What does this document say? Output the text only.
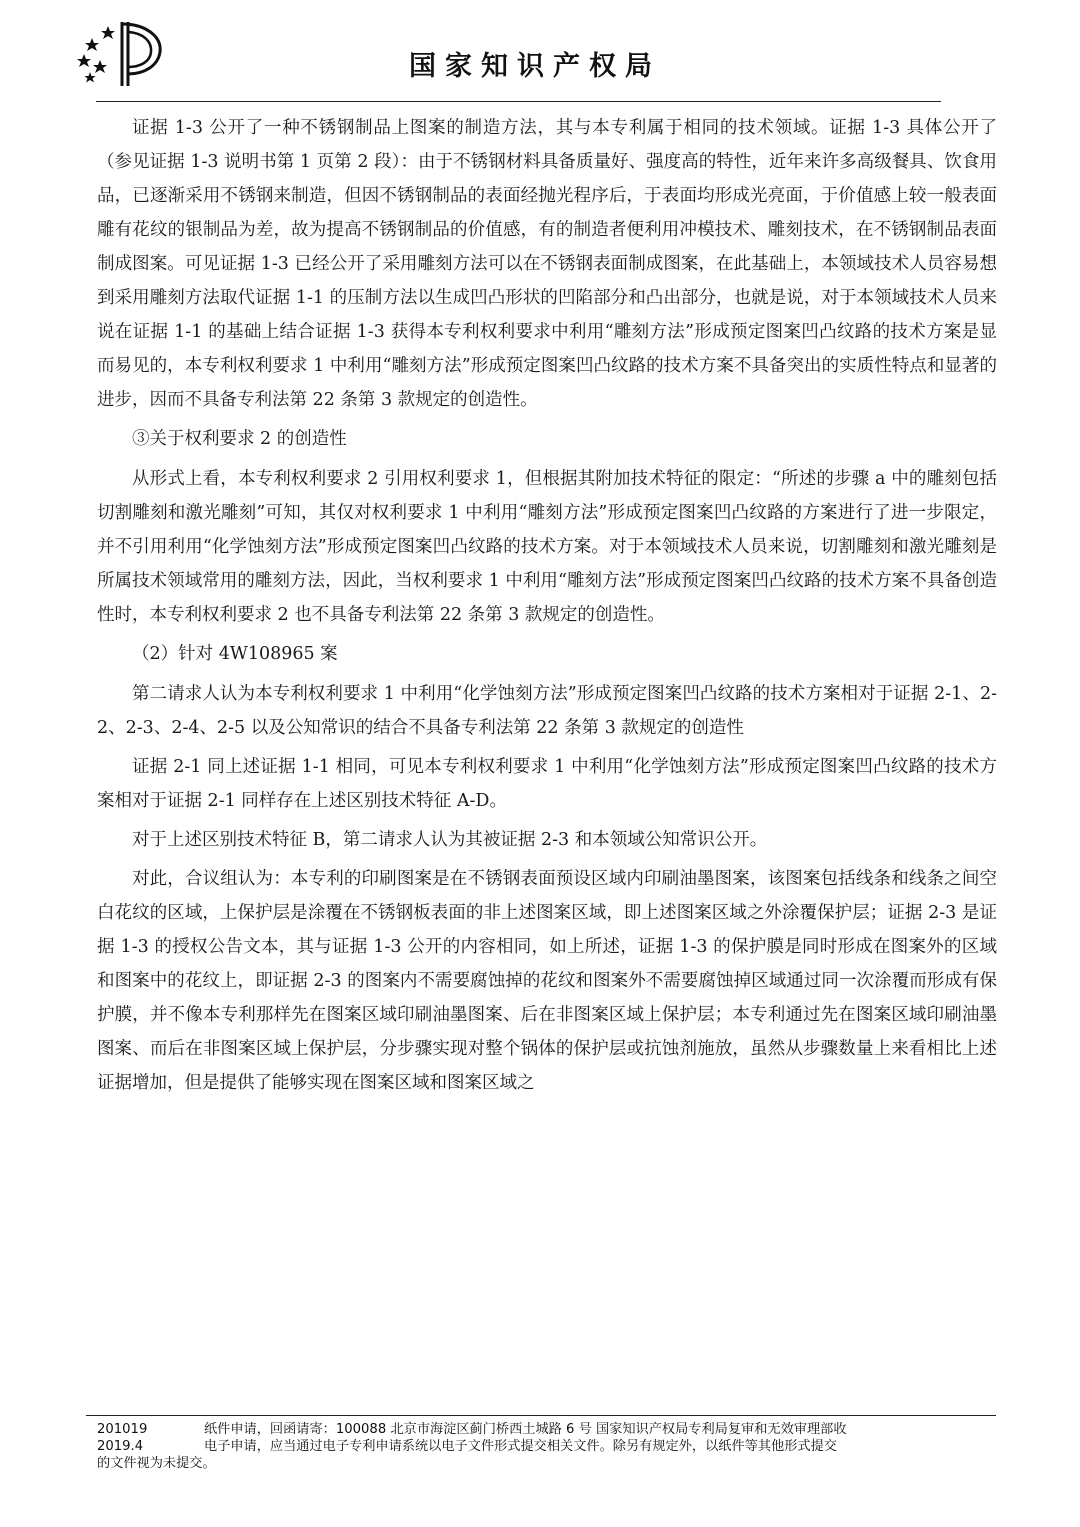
国家知识产权局

证据 1-3 公开了一种不锈钢制品上图案的制造方法，其与本专利属于相同的技术领域。证据 1-3 具体公开了（参见证据 1-3 说明书第 1 页第 2 段）：由于不锈钢材料具备质量好、强度高的特性，近年来许多高级餐具、饮食用品，已逐渐采用不锈钢来制造，但因不锈钢制品的表面经抛光程序后，于表面均形成光亮面，于价值感上较一般表面雕有花纹的银制品为差，故为提高不锈钢制品的价值感，有的制造者便利用冲模技术、雕刻技术，在不锈钢制品表面制成图案。可见证据 1-3 已经公开了采用雕刻方法可以在不锈钢表面制成图案，在此基础上，本领域技术人员容易想到采用雕刻方法取代证据 1-1 的压制方法以生成凹凸形状的凹陷部分和凸出部分，也就是说，对于本领域技术人员来说在证据 1-1 的基础上结合证据 1-3 获得本专利权利要求中利用“雕刻方法”形成预定图案凹凸纹路的技术方案是显而易见的，本专利权利要求 1 中利用“雕刻方法”形成预定图案凹凸纹路的技术方案不具备突出的实质性特点和显著的进步，因而不具备专利法第 22 条第 3 款规定的创造性。

③关于权利要求 2 的创造性

从形式上看，本专利权利要求 2 引用权利要求 1，但根据其附加技术特征的限定：“所述的步骤 a 中的雕刻包括切割雕刻和激光雕刻”可知，其仅对权利要求 1 中利用“雕刻方法”形成预定图案凹凸纹路的方案进行了进一步限定，并不引用利用“化学蚀刻方法”形成预定图案凹凸纹路的技术方案。对于本领域技术人员来说，切割雕刻和激光雕刻是所属技术领域常用的雕刻方法，因此，当权利要求 1 中利用“雕刻方法”形成预定图案凹凸纹路的技术方案不具备创造性时，本专利权利要求 2 也不具备专利法第 22 条第 3 款规定的创造性。

（2）针对 4W108965 案

第二请求人认为本专利权利要求 1 中利用“化学蚀刻方法”形成预定图案凹凸纹路的技术方案相对于证据 2-1、2-2、2-3、2-4、2-5 以及公知常识的结合不具备专利法第 22 条第 3 款规定的创造性

证据 2-1 同上述证据 1-1 相同，可见本专利权利要求 1 中利用“化学蚀刻方法”形成预定图案凹凸纹路的技术方案相对于证据 2-1 同样存在上述区别技术特征 A-D。

对于上述区别技术特征 B，第二请求人认为其被证据 2-3 和本领域公知常识公开。

对此，合议组认为：本专利的印刷图案是在不锈钢表面预设区域内印刷油墨图案，该图案包括线条和线条之间空白花纹的区域，上保护层是涂覆在不锈钢板表面的非上述图案区域，即上述图案区域之外涂覆保护层；证据 2-3 是证据 1-3 的授权公告文本，其与证据 1-3 公开的内容相同，如上所述，证据 1-3 的保护膜是同时形成在图案外的区域和图案中的花纹上，即证据 2-3 的图案内不需要腐蚀掉的花纹和图案外不需要腐蚀掉区域通过同一次涂覆而形成有保护膜，并不像本专利那样先在图案区域印刷油墨图案、后在非图案区域上保护层；本专利通过先在图案区域印刷油墨图案、而后在非图案区域上保护层，分步骤实现对整个锅体的保护层或抗蚀剂施放，虽然从步骤数量上来看相比上述证据增加，但是提供了能够实现在图案区域和图案区域之

201019	纸件申请，回函请寄：100088 北京市海淀区蓟门桥西土城路 6 号 国家知识产权局专利局复审和无效审理部收
2019.4	电子申请，应当通过电子专利申请系统以电子文件形式提交相关文件。除另有规定外，以纸件等其他形式提交
的文件视为未提交。
